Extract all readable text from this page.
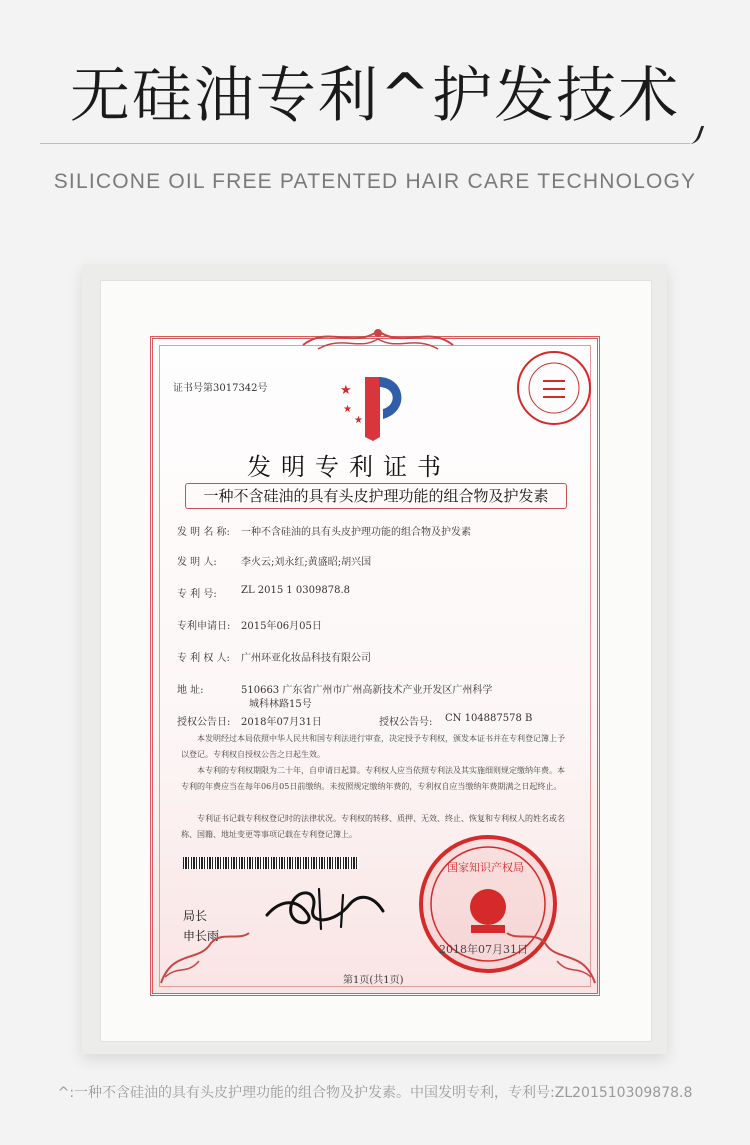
无硅油专利^护发技术
SILICONE OIL FREE PATENTED HAIR CARE TECHNOLOGY
证书号第3017342号	★
★
★
发明专利证书
一种不含硅油的具有头皮护理功能的组合物及护发素
发 明 名 称: 一种不含硅油的具有头皮护理功能的组合物及护发素
发 明 人: 李火云;刘永红;黄盛昭;胡兴国
专 利 号: ZL 2015 1 0309878.8
专利申请日: 2015年06月05日
专 利 权 人: 广州环亚化妆品科技有限公司
地 址:	510663 广东省广州市广州高新技术产业开发区广州科学
城科林路15号
授权公告日: 2018年07月31日	授权公告号: CN 104887578 B
本发明经过本局依照中华人民共和国专利法进行审查，决定授予专利权，颁发本证书并在专利登记簿上予以登记。专利权自授权公告之日起生效。
本专利的专利权期限为二十年，自申请日起算。专利权人应当依照专利法及其实施细则规定缴纳年费。本专利的年费应当在每年06月05日前缴纳。未按照规定缴纳年费的，专利权自应当缴纳年费期满之日起终止。
专利证书记载专利权登记时的法律状况。专利权的转移、质押、无效、终止、恢复和专利权人的姓名或名称、国籍、地址变更等事项记载在专利登记簿上。
局长
申长雨
国家知识产权局
2018年07月31日
第1页(共1页)
^:一种不含硅油的具有头皮护理功能的组合物及护发素。中国发明专利，专利号:ZL201510309878.8
